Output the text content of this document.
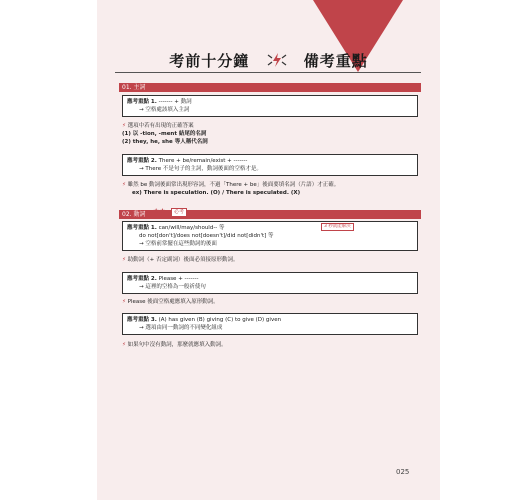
考前十分鐘	備考重點
01. 主詞
應考重點 1. ------- + 動詞
→ 空格處該填入主詞
⚡ 選項中若有出現的正確答案
(1) 以 -tion, -ment 結尾的名詞
(2) they, he, she 等人稱代名詞
應考重點 2. There + be/remain/exist + -------
→ There 不是句子的主詞，動詞後面的空格才是。
⚡ 雖然 be 動詞後面常出現形容詞，不過「There + be」後面要填名詞（片語）才正確。
ex) There is speculation. (O) / There is speculated. (X)
02. 動詞	★★	必考
應考重點 1. can/will/may/should-- 等
do not[don't]/does not[doesn't]/did not[didn't] 等
→ 空格前常擺在這些動詞的後面
3 秒就能解決
⚡ 助動詞（+ 否定副詞）後面必須接原形動詞。
應考重點 2. Please + -------
→ 這裡的空格為一般祈使句
⚡ Please 後面空格處應填入原形動詞。
應考重點 3. (A) has given (B) giving (C) to give (D) given
→ 選項由同一動詞的不同變化組成
⚡ 如果句中沒有動詞，那麼就應填入動詞。
025
